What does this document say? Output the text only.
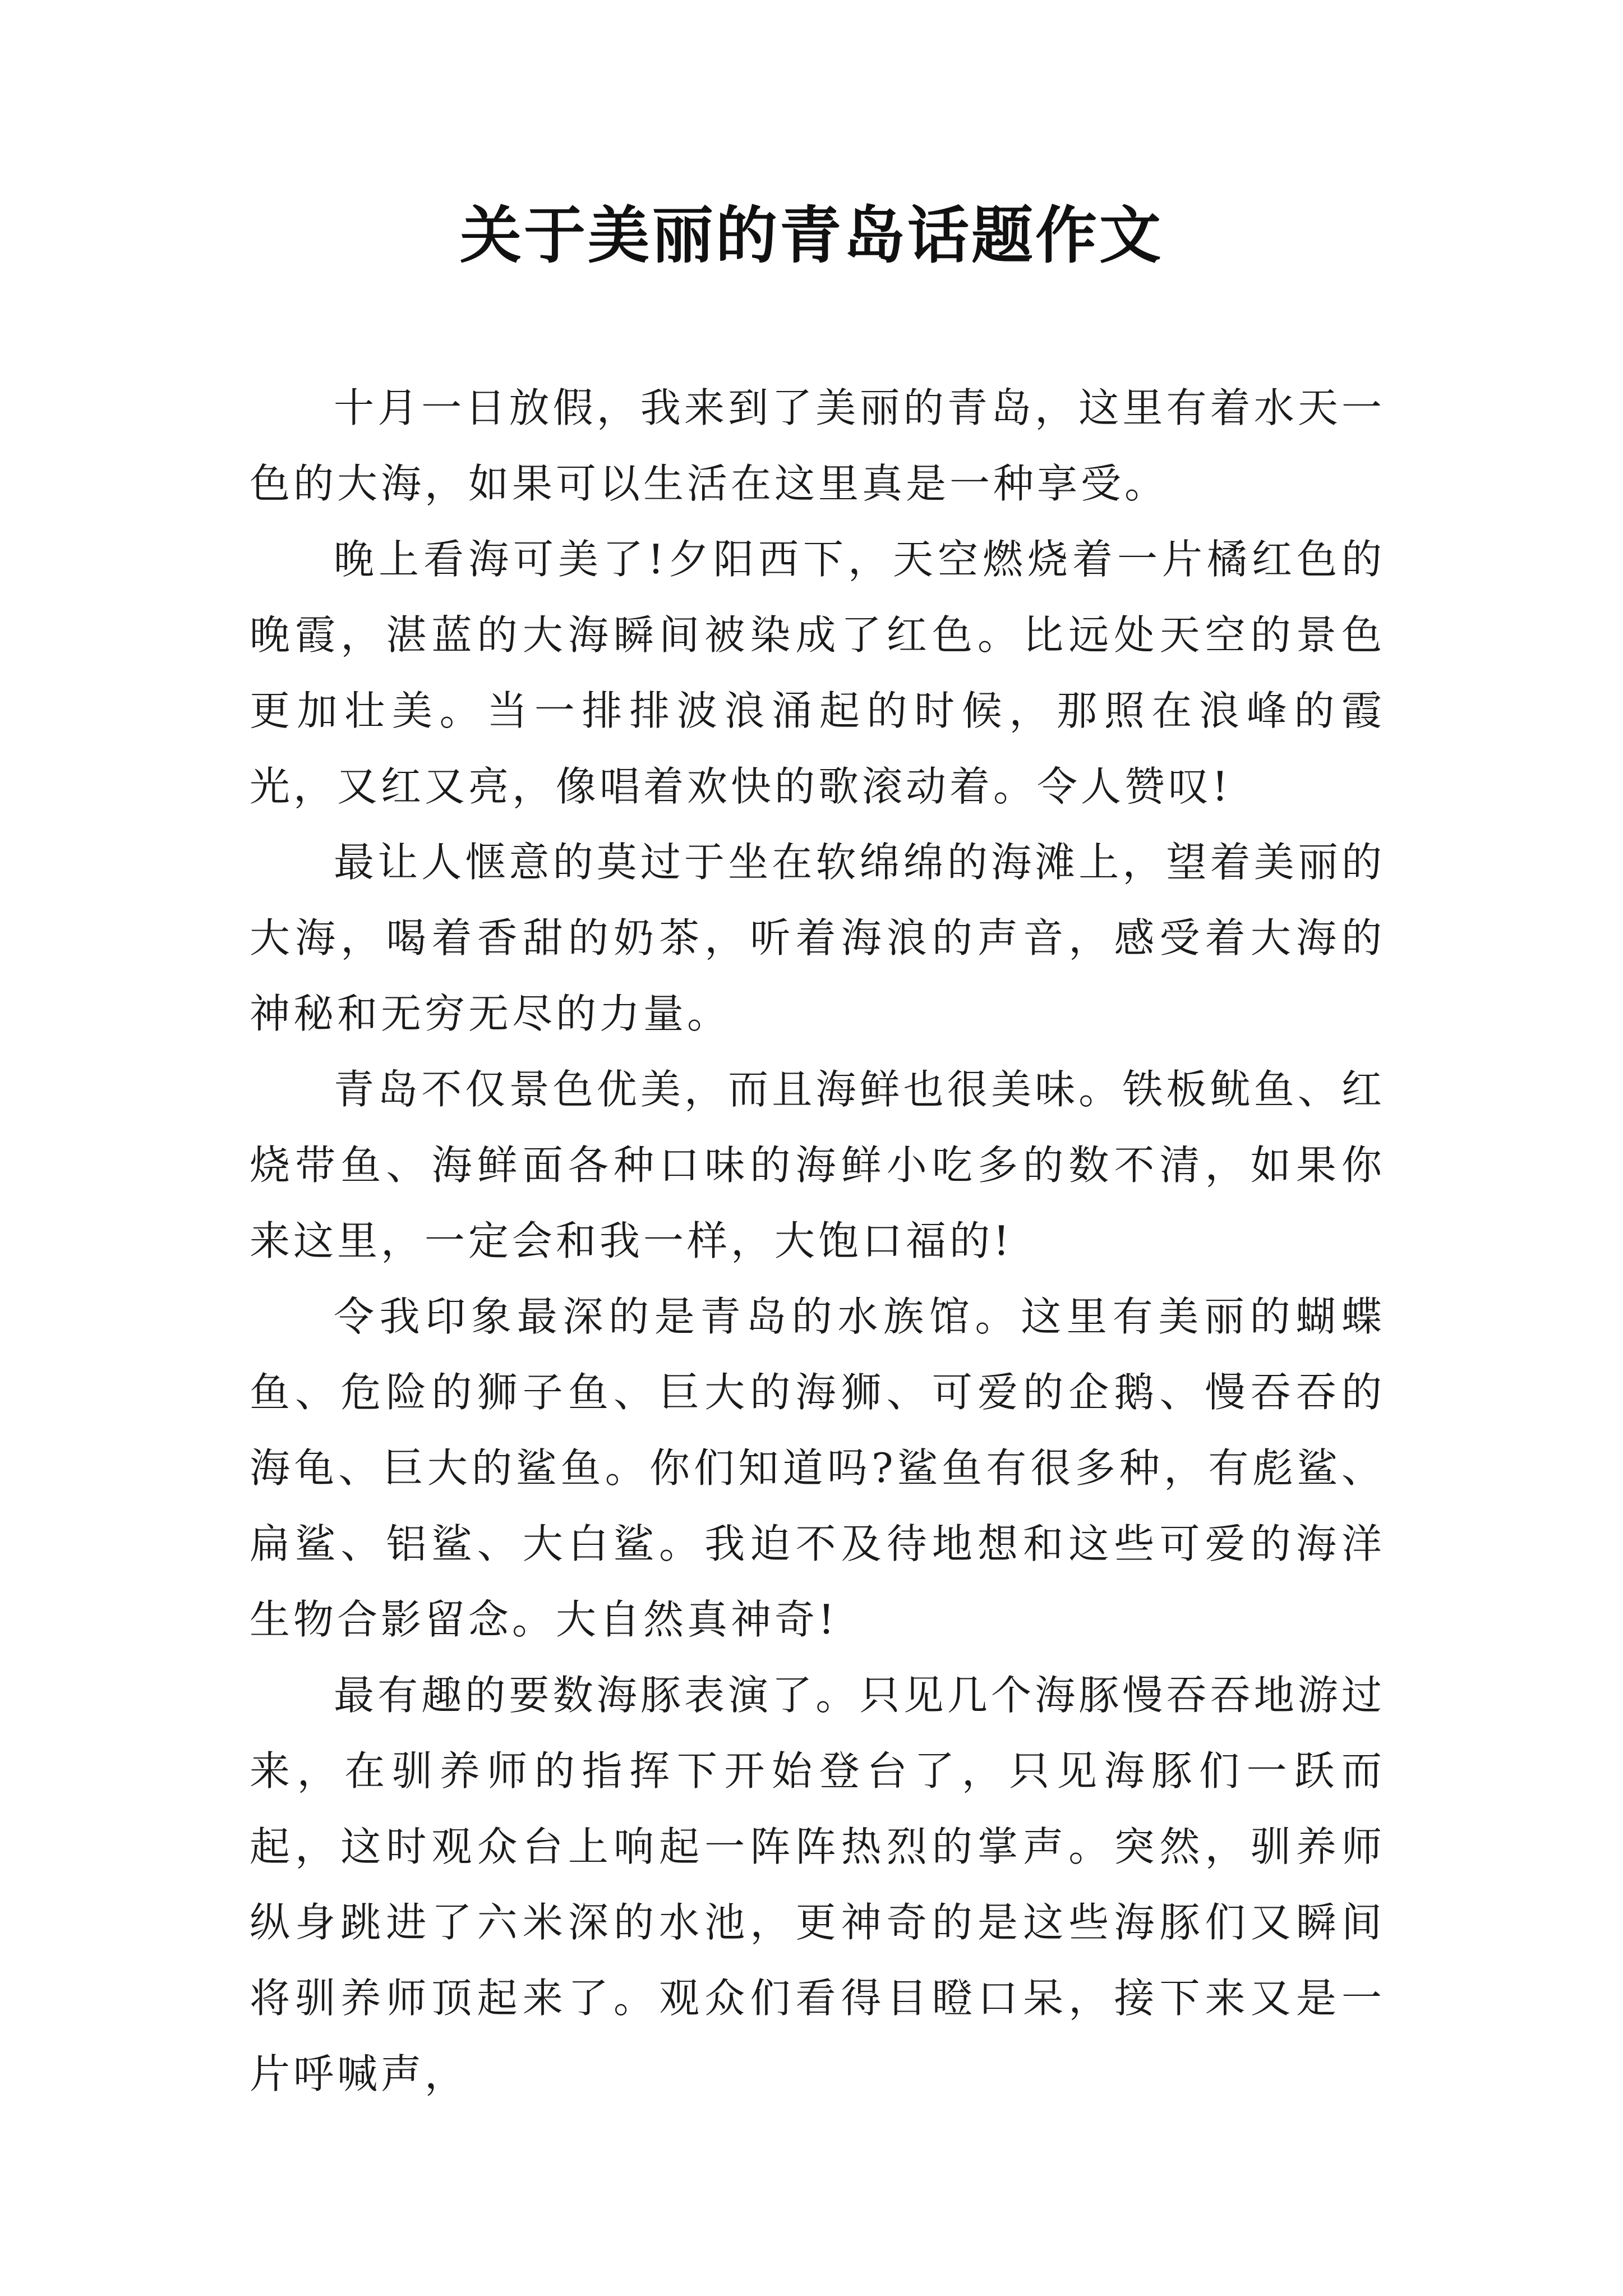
关于美丽的青岛话题作文

十月一日放假，我来到了美丽的青岛，这里有着水天一色的大海，如果可以生活在这里真是一种享受。

晚上看海可美了!夕阳西下，天空燃烧着一片橘红色的晚霞，湛蓝的大海瞬间被染成了红色。比远处天空的景色更加壮美。当一排排波浪涌起的时候，那照在浪峰的霞光，又红又亮，像唱着欢快的歌滚动着。令人赞叹!

最让人惬意的莫过于坐在软绵绵的海滩上，望着美丽的大海，喝着香甜的奶茶，听着海浪的声音，感受着大海的神秘和无穷无尽的力量。

青岛不仅景色优美，而且海鲜也很美味。铁板鱿鱼、红烧带鱼、海鲜面各种口味的海鲜小吃多的数不清，如果你来这里，一定会和我一样，大饱口福的!

令我印象最深的是青岛的水族馆。这里有美丽的蝴蝶鱼、危险的狮子鱼、巨大的海狮、可爱的企鹅、慢吞吞的海龟、巨大的鲨鱼。你们知道吗?鲨鱼有很多种，有彪鲨、扁鲨、铝鲨、大白鲨。我迫不及待地想和这些可爱的海洋生物合影留念。大自然真神奇!

最有趣的要数海豚表演了。只见几个海豚慢吞吞地游过来，在驯养师的指挥下开始登台了，只见海豚们一跃而起，这时观众台上响起一阵阵热烈的掌声。突然，驯养师纵身跳进了六米深的水池，更神奇的是这些海豚们又瞬间将驯养师顶起来了。观众们看得目瞪口呆，接下来又是一片呼喊声，
